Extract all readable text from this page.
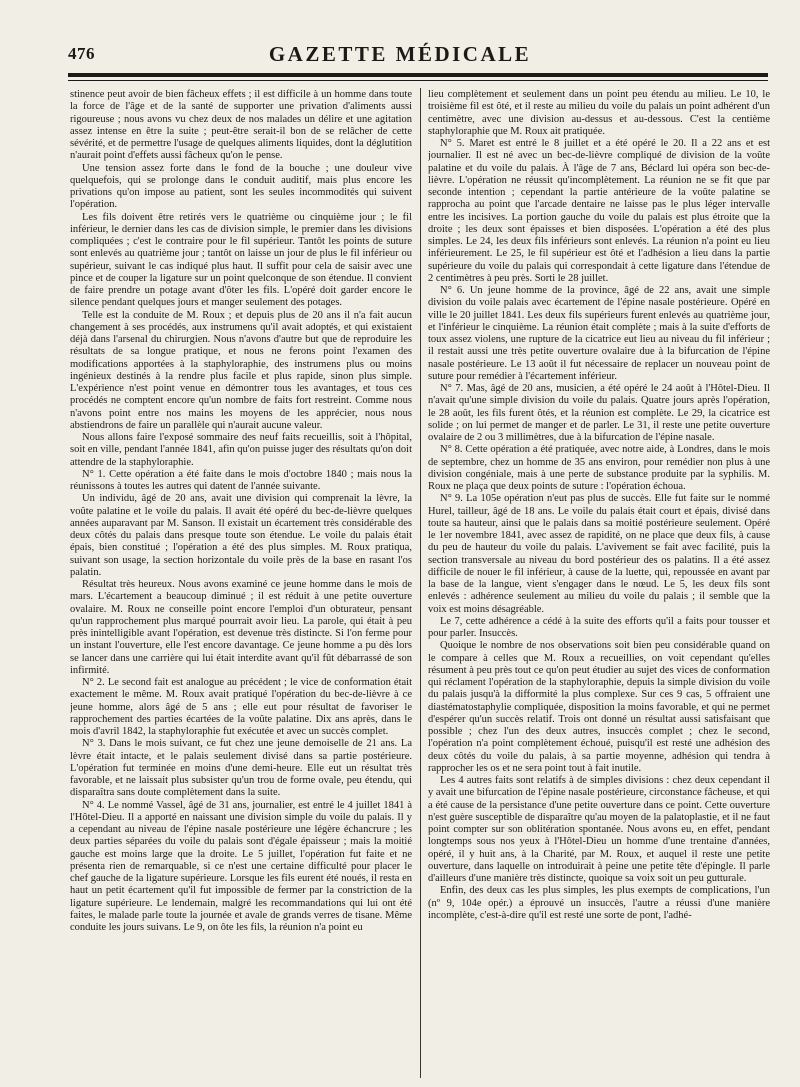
476	GAZETTE MÉDICALE

stinence peut avoir de bien fâcheux effets ; il est difficile à un homme dans toute la force de l'âge et de la santé de supporter une privation d'aliments aussi rigoureuse ; nous avons vu chez deux de nos malades un délire et une agitation assez intense en être la suite ; peut-être serait-il bon de se relâcher de cette sévérité, et de permettre l'usage de quelques aliments liquides, dont la déglutition n'aurait point d'effets aussi fâcheux qu'on le pense.

Une tension assez forte dans le fond de la bouche ; une douleur vive quelquefois, qui se prolonge dans le conduit auditif, mais plus encore les privations qu'on impose au patient, sont les seules incommodités qui suivent l'opération.

Les fils doivent être retirés vers le quatrième ou cinquième jour ; le fil inférieur, le dernier dans les cas de division simple, le premier dans les divisions compliquées ; c'est le contraire pour le fil supérieur. Tantôt les points de suture sont enlevés au quatrième jour ; tantôt on laisse un jour de plus le fil inférieur ou supérieur, suivant le cas indiqué plus haut. Il suffit pour cela de saisir avec une pince et de couper la ligature sur un point quelconque de son étendue. Il convient de faire prendre un potage avant d'ôter les fils. L'opéré doit garder encore le silence pendant quelques jours et manger seulement des potages.

Telle est la conduite de M. Roux ; et depuis plus de 20 ans il n'a fait aucun changement à ses procédés, aux instrumens qu'il avait adoptés, et qui existaient déjà dans l'arsenal du chirurgien. Nous n'avons d'autre but que de reproduire les résultats de sa longue pratique, et nous ne ferons point l'examen des modifications apportées à la staphyloraphie, des instrumens plus ou moins ingénieux destinés à la rendre plus facile et plus rapide, sinon plus simple. L'expérience n'est point venue en démontrer tous les avantages, et tous ces procédés ne comptent encore qu'un nombre de faits fort restreint. Comme nous n'avons point entre nos mains les moyens de les apprécier, nous nous abstiendrons de faire un parallèle qui n'aurait aucune valeur.

Nous allons faire l'exposé sommaire des neuf faits recueillis, soit à l'hôpital, soit en ville, pendant l'année 1841, afin qu'on puisse juger des résultats qu'on doit attendre de la staphyloraphie.

N° 1. Cette opération a été faite dans le mois d'octobre 1840 ; mais nous la réunissons à toutes les autres qui datent de l'année suivante.

Un individu, âgé de 20 ans, avait une division qui comprenait la lèvre, la voûte palatine et le voile du palais. Il avait été opéré du bec-de-lièvre quelques années auparavant par M. Sanson. Il existait un écartement très considérable des deux côtés du palais dans presque toute son étendue. Le voile du palais était épais, bien constitué ; l'opération a été des plus simples. M. Roux pratiqua, suivant son usage, la section horizontale du voile près de la base en rasant l'os palatin.

Résultat très heureux. Nous avons examiné ce jeune homme dans le mois de mars. L'écartement a beaucoup diminué ; il est réduit à une petite ouverture ovalaire. M. Roux ne conseille point encore l'emploi d'un obturateur, pensant qu'un rapprochement plus marqué pourrait avoir lieu. La parole, qui était à peu près inintelligible avant l'opération, est devenue très distincte. Si l'on ferme pour un instant l'ouverture, elle l'est encore davantage. Ce jeune homme a pu dès lors se lancer dans une carrière qui lui était interdite avant qu'il fût débarrassé de son infirmité.

N° 2. Le second fait est analogue au précédent ; le vice de conformation était exactement le même. M. Roux avait pratiqué l'opération du bec-de-lièvre à ce jeune homme, alors âgé de 5 ans ; elle eut pour résultat de favoriser le rapprochement des parties écartées de la voûte palatine. Dix ans après, dans le mois d'avril 1842, la staphyloraphie fut exécutée et avec un succès complet.

N° 3. Dans le mois suivant, ce fut chez une jeune demoiselle de 21 ans. La lèvre était intacte, et le palais seulement divisé dans sa partie postérieure. L'opération fut terminée en moins d'une demi-heure. Elle eut un résultat très favorable, et ne laissait plus subsister qu'un trou de forme ovale, peu étendu, qui disparaîtra sans doute complètement dans la suite.

N° 4. Le nommé Vassel, âgé de 31 ans, journalier, est entré le 4 juillet 1841 à l'Hôtel-Dieu. Il a apporté en naissant une division simple du voile du palais. Il y a cependant au niveau de l'épine nasale postérieure une légère échancrure ; les deux parties séparées du voile du palais sont d'égale épaisseur ; mais la moitié gauche est moins large que la droite. Le 5 juillet, l'opération fut faite et ne présenta rien de remarquable, si ce n'est une certaine difficulté pour placer le chef gauche de la ligature supérieure. Lorsque les fils eurent été noués, il resta en haut un petit écartement qu'il fut impossible de fermer par la constriction de la ligature supérieure. Le lendemain, malgré les recommandations qui lui ont été faites, le malade parle toute la journée et avale de grands verres de tisane. Même conduite les jours suivans. Le 9, on ôte les fils, la réunion n'a point eu

lieu complètement et seulement dans un point peu étendu au milieu. Le 10, le troisième fil est ôté, et il reste au milieu du voile du palais un point adhérent d'un centimètre, avec une division au-dessus et au-dessous. C'est la centième staphyloraphie que M. Roux ait pratiquée.

N° 5. Maret est entré le 8 juillet et a été opéré le 20. Il a 22 ans et est journalier. Il est né avec un bec-de-lièvre compliqué de division de la voûte palatine et du voile du palais. À l'âge de 7 ans, Béclard lui opéra son bec-de-lièvre. L'opération ne réussit qu'incomplètement. La réunion ne se fit que par seconde intention ; cependant la partie antérieure de la voûte palatine se rapprocha au point que l'arcade dentaire ne laisse pas le plus léger intervalle entre les incisives. La portion gauche du voile du palais est plus étroite que la droite ; les deux sont épaisses et bien disposées. L'opération a été des plus simples. Le 24, les deux fils inférieurs sont enlevés. La réunion n'a point eu lieu inférieurement. Le 25, le fil supérieur est ôté et l'adhésion a lieu dans la partie supérieure du voile du palais qui correspondait à cette ligature dans l'étendue de 2 centimètres à peu près. Sorti le 28 juillet.

N° 6. Un jeune homme de la province, âgé de 22 ans, avait une simple division du voile palais avec écartement de l'épine nasale postérieure. Opéré en ville le 20 juillet 1841. Les deux fils supérieurs furent enlevés au quatrième jour, et l'inférieur le cinquième. La réunion était complète ; mais à la suite d'efforts de toux assez violens, une rupture de la cicatrice eut lieu au niveau du fil inférieur ; il restait aussi une très petite ouverture ovalaire due à la bifurcation de l'épine nasale postérieure. Le 13 août il fut nécessaire de replacer un nouveau point de suture pour remédier à l'écartement inférieur.

N° 7. Mas, âgé de 20 ans, musicien, a été opéré le 24 août à l'Hôtel-Dieu. Il n'avait qu'une simple division du voile du palais. Quatre jours après l'opération, le 28 août, les fils furent ôtés, et la réunion est complète. Le 29, la cicatrice est solide ; on lui permet de manger et de parler. Le 31, il reste une petite ouverture ovalaire de 2 ou 3 millimètres, due à la bifurcation de l'épine nasale.

N° 8. Cette opération a été pratiquée, avec notre aide, à Londres, dans le mois de septembre, chez un homme de 35 ans environ, pour remédier non plus à une division congéniale, mais à une perte de substance produite par la syphilis. M. Roux ne plaça que deux points de suture : l'opération échoua.

N° 9. La 105e opération n'eut pas plus de succès. Elle fut faite sur le nommé Hurel, tailleur, âgé de 18 ans. Le voile du palais était court et épais, divisé dans toute sa hauteur, ainsi que le palais dans sa moitié postérieure seulement. Opéré le 1er novembre 1841, avec assez de rapidité, on ne place que deux fils, à cause du peu de hauteur du voile du palais. L'avivement se fait avec facilité, puis la section transversale au niveau du bord postérieur des os palatins. Il a été assez difficile de nouer le fil inférieur, à cause de la luette, qui, repoussée en avant par la base de la langue, vient s'engager dans le nœud. Le 5, les deux fils sont enlevés : adhérence seulement au milieu du voile du palais ; il semble que la voix est moins désagréable.

Le 7, cette adhérence a cédé à la suite des efforts qu'il a faits pour tousser et pour parler. Insuccès.

Quoique le nombre de nos observations soit bien peu considérable quand on le compare à celles que M. Roux a recueillies, on voit cependant qu'elles résument à peu près tout ce qu'on peut étudier au sujet des vices de conformation qui réclament l'opération de la staphyloraphie, depuis la simple division du voile du palais jusqu'à la difformité la plus complexe. Sur ces 9 cas, 5 offraient une diastématostaphylie compliquée, disposition la moins favorable, et qui ne permet d'espérer qu'un succès relatif. Trois ont donné un résultat aussi satisfaisant que possible ; chez l'un des deux autres, insuccès complet ; chez le second, l'opération n'a point complètement échoué, puisqu'il est resté une adhésion des deux côtés du voile du palais, à sa partie moyenne, adhésion qui tendra à rapprocher les os et ne sera point tout à fait inutile.

Les 4 autres faits sont relatifs à de simples divisions : chez deux cependant il y avait une bifurcation de l'épine nasale postérieure, circonstance fâcheuse, et qui a été cause de la persistance d'une petite ouverture dans ce point. Cette ouverture n'est guère susceptible de disparaître qu'au moyen de la palatoplastie, et il ne faut point compter sur son oblitération spontanée. Nous avons eu, en effet, pendant longtemps sous nos yeux à l'Hôtel-Dieu un homme d'une trentaine d'années, opéré, il y huit ans, à la Charité, par M. Roux, et auquel il reste une petite ouverture, dans laquelle on introduirait à peine une petite tête d'épingle. Il parle d'ailleurs d'une manière très distincte, quoique sa voix soit un peu gutturale.

Enfin, des deux cas les plus simples, les plus exempts de complications, l'un (nº 9, 104e opér.) a éprouvé un insuccès, l'autre a réussi d'une manière incomplète, c'est-à-dire qu'il est resté une sorte de pont, l'adhé-
